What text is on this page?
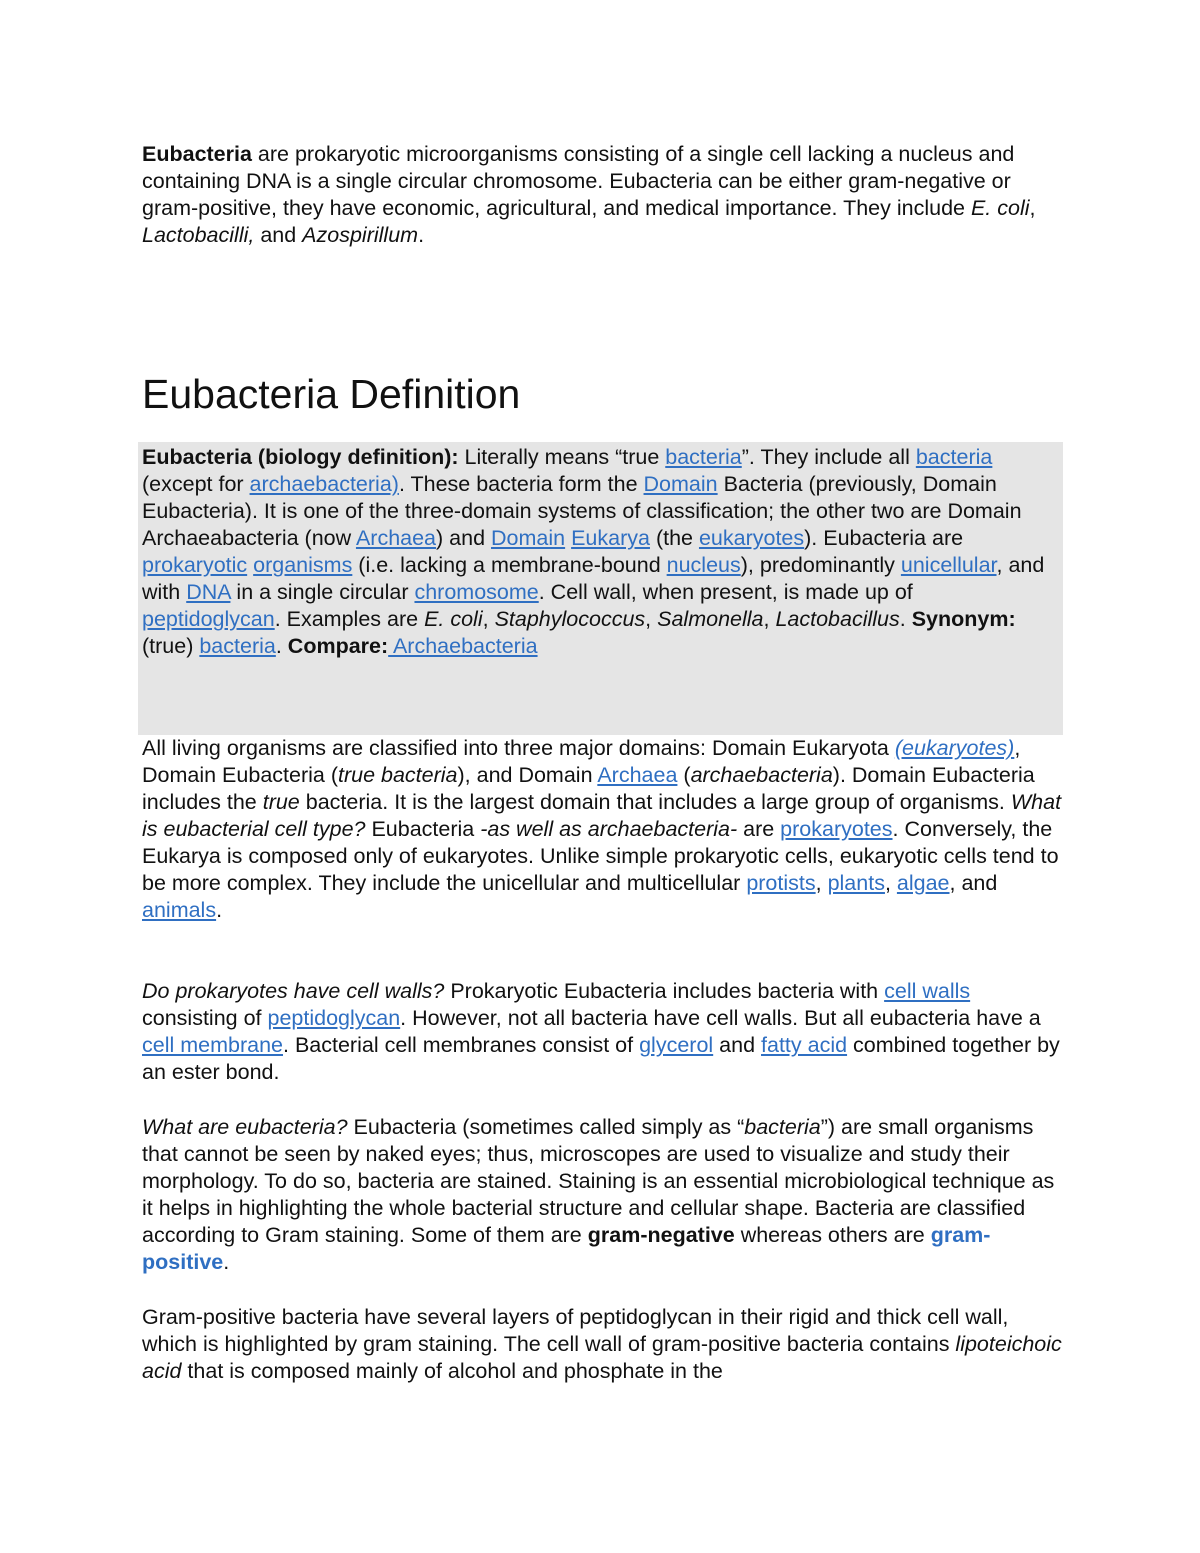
Eubacteria are prokaryotic microorganisms consisting of a single cell lacking a nucleus and containing DNA is a single circular chromosome. Eubacteria can be either gram-negative or gram-positive, they have economic, agricultural, and medical importance. They include E. coli, Lactobacilli, and Azospirillum.

Eubacteria Definition
Eubacteria (biology definition): Literally means “true bacteria”. They include all bacteria (except for archaebacteria). These bacteria form the Domain Bacteria (previously, Domain Eubacteria). It is one of the three-domain systems of classification; the other two are Domain Archaeabacteria (now Archaea) and Domain Eukarya (the eukaryotes). Eubacteria are prokaryotic organisms (i.e. lacking a membrane-bound nucleus), predominantly unicellular, and with DNA in a single circular chromosome. Cell wall, when present, is made up of peptidoglycan. Examples are E. coli, Staphylococcus, Salmonella, Lactobacillus. Synonym:(true) bacteria. Compare: Archaebacteria

All living organisms are classified into three major domains: Domain Eukaryota (eukaryotes), Domain Eubacteria (true bacteria), and Domain Archaea (archaebacteria). Domain Eubacteria includes the true bacteria. It is the largest domain that includes a large group of organisms. What is eubacterial cell type? Eubacteria -as well as archaebacteria- are prokaryotes. Conversely, the Eukarya is composed only of eukaryotes. Unlike simple prokaryotic cells, eukaryotic cells tend to be more complex. They include the unicellular and multicellular protists, plants, algae, and animals.

Do prokaryotes have cell walls? Prokaryotic Eubacteria includes bacteria with cell walls consisting of peptidoglycan. However, not all bacteria have cell walls. But all eubacteria have a cell membrane. Bacterial cell membranes consist of glycerol and fatty acid combined together by an ester bond.

What are eubacteria? Eubacteria (sometimes called simply as “bacteria”) are small organisms that cannot be seen by naked eyes; thus, microscopes are used to visualize and study their morphology. To do so, bacteria are stained. Staining is an essential microbiological technique as it helps in highlighting the whole bacterial structure and cellular shape. Bacteria are classified according to Gram staining. Some of them are gram-negative whereas others are gram-positive.

Gram-positive bacteria have several layers of peptidoglycan in their rigid and thick cell wall, which is highlighted by gram staining. The cell wall of gram-positive bacteria contains lipoteichoic acid that is composed mainly of alcohol and phosphate in the
